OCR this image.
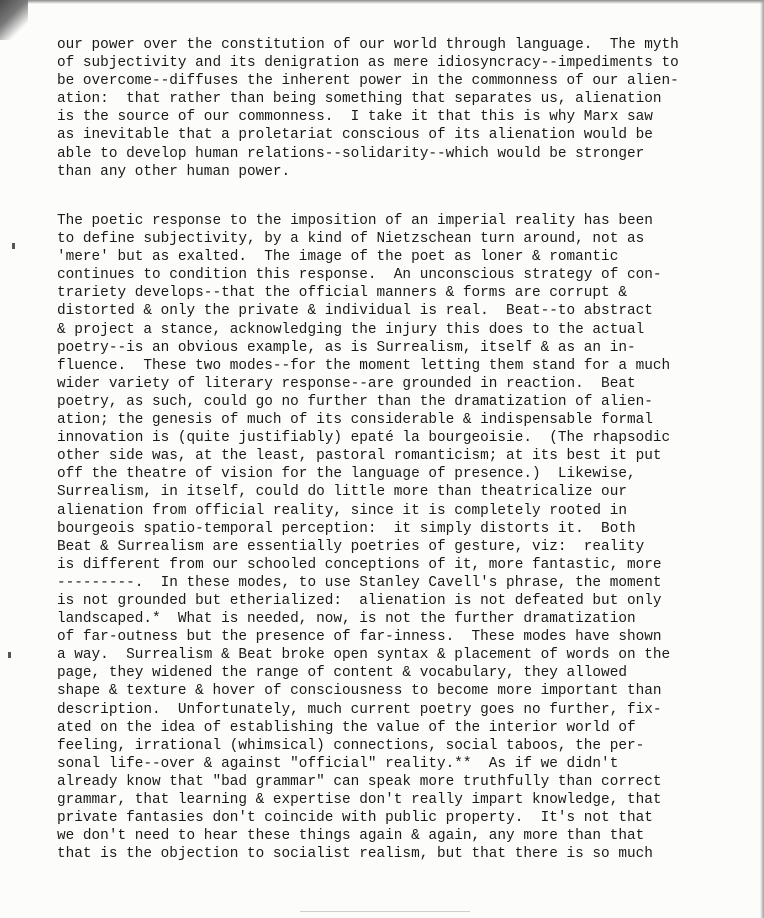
our power over the constitution of our world through language.  The myth
of subjectivity and its denigration as mere idiosyncracy--impediments to
be overcome--diffuses the inherent power in the commonness of our alien-
ation:  that rather than being something that separates us, alienation
is the source of our commonness.  I take it that this is why Marx saw
as inevitable that a proletariat conscious of its alienation would be
able to develop human relations--solidarity--which would be stronger
than any other human power.
The poetic response to the imposition of an imperial reality has been
to define subjectivity, by a kind of Nietzschean turn around, not as
'mere' but as exalted.  The image of the poet as loner & romantic
continues to condition this response.  An unconscious strategy of con-
trariety develops--that the official manners & forms are corrupt &
distorted & only the private & individual is real.  Beat--to abstract
& project a stance, acknowledging the injury this does to the actual
poetry--is an obvious example, as is Surrealism, itself & as an in-
fluence.  These two modes--for the moment letting them stand for a much
wider variety of literary response--are grounded in reaction.  Beat
poetry, as such, could go no further than the dramatization of alien-
ation; the genesis of much of its considerable & indispensable formal
innovation is (quite justifiably) epaté la bourgeoisie.  (The rhapsodic
other side was, at the least, pastoral romanticism; at its best it put
off the theatre of vision for the language of presence.)  Likewise,
Surrealism, in itself, could do little more than theatricalize our
alienation from official reality, since it is completely rooted in
bourgeois spatio-temporal perception:  it simply distorts it.  Both
Beat & Surrealism are essentially poetries of gesture, viz:  reality
is different from our schooled conceptions of it, more fantastic, more
---------.  In these modes, to use Stanley Cavell's phrase, the moment
is not grounded but etherialized:  alienation is not defeated but only
landscaped.*  What is needed, now, is not the further dramatization
of far-outness but the presence of far-inness.  These modes have shown
a way.  Surrealism & Beat broke open syntax & placement of words on the
page, they widened the range of content & vocabulary, they allowed
shape & texture & hover of consciousness to become more important than
description.  Unfortunately, much current poetry goes no further, fix-
ated on the idea of establishing the value of the interior world of
feeling, irrational (whimsical) connections, social taboos, the per-
sonal life--over & against "official" reality.**  As if we didn't
already know that "bad grammar" can speak more truthfully than correct
grammar, that learning & expertise don't really impart knowledge, that
private fantasies don't coincide with public property.  It's not that
we don't need to hear these things again & again, any more than that
that is the objection to socialist realism, but that there is so much
